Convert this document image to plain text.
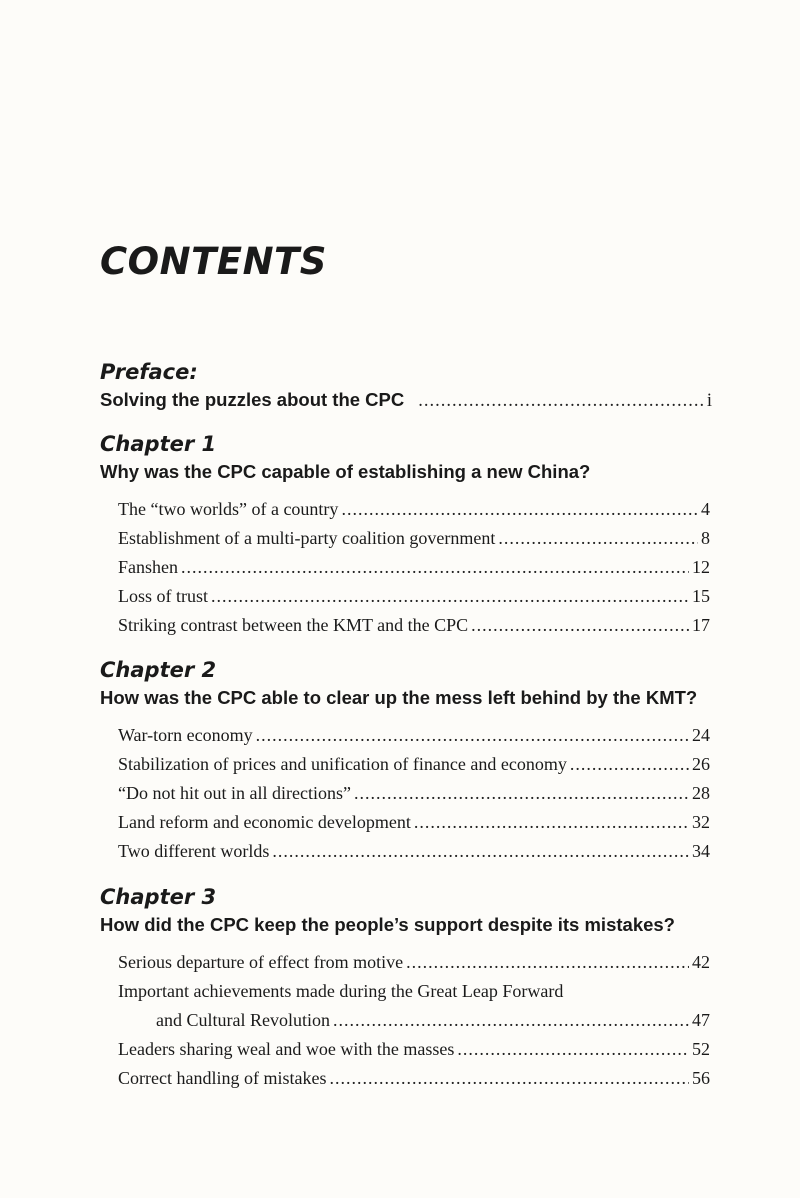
CONTENTS
Preface:
Solving the puzzles about the CPC .....	i
Chapter 1
Why was the CPC capable of establishing a new China?
The “two worlds” of a country .....	4
Establishment of a multi-party coalition government .....	8
Fanshen .....	12
Loss of trust .....	15
Striking contrast between the KMT and the CPC .....	17
Chapter 2
How was the CPC able to clear up the mess left behind by the KMT?
War-torn economy .....	24
Stabilization of prices and unification of finance and economy .....	26
“Do not hit out in all directions” .....	28
Land reform and economic development .....	32
Two different worlds .....	34
Chapter 3
How did the CPC keep the people’s support despite its mistakes?
Serious departure of effect from motive .....	42
Important achievements made during the Great Leap Forward
and Cultural Revolution .....	47
Leaders sharing weal and woe with the masses .....	52
Correct handling of mistakes .....	56
